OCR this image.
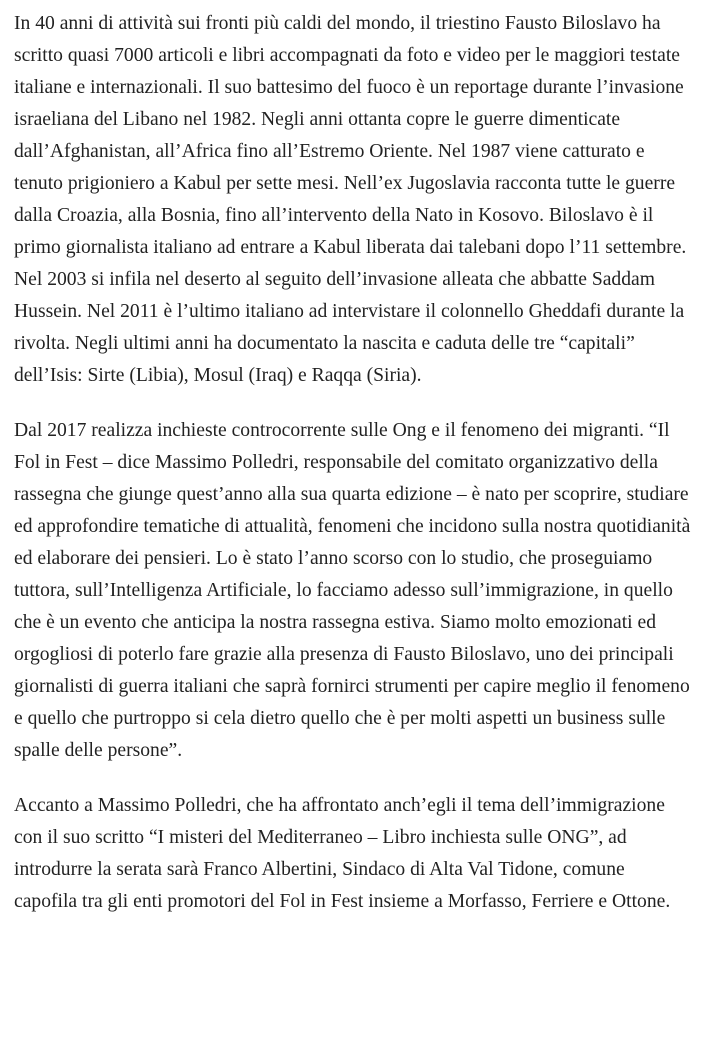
In 40 anni di attività sui fronti più caldi del mondo, il triestino Fausto Biloslavo ha scritto quasi 7000 articoli e libri accompagnati da foto e video per le maggiori testate italiane e internazionali. Il suo battesimo del fuoco è un reportage durante l’invasione israeliana del Libano nel 1982. Negli anni ottanta copre le guerre dimenticate dall’Afghanistan, all’Africa fino all’Estremo Oriente. Nel 1987 viene catturato e tenuto prigioniero a Kabul per sette mesi. Nell’ex Jugoslavia racconta tutte le guerre dalla Croazia, alla Bosnia, fino all’intervento della Nato in Kosovo. Biloslavo è il primo giornalista italiano ad entrare a Kabul liberata dai talebani dopo l’11 settembre. Nel 2003 si infila nel deserto al seguito dell’invasione alleata che abbatte Saddam Hussein. Nel 2011 è l’ultimo italiano ad intervistare il colonnello Gheddafi durante la rivolta. Negli ultimi anni ha documentato la nascita e caduta delle tre “capitali” dell’Isis: Sirte (Libia), Mosul (Iraq) e Raqqa (Siria).

Dal 2017 realizza inchieste controcorrente sulle Ong e il fenomeno dei migranti. “Il Fol in Fest – dice Massimo Polledri, responsabile del comitato organizzativo della rassegna che giunge quest’anno alla sua quarta edizione – è nato per scoprire, studiare ed approfondire tematiche di attualità, fenomeni che incidono sulla nostra quotidianità ed elaborare dei pensieri. Lo è stato l’anno scorso con lo studio, che proseguiamo tuttora, sull’Intelligenza Artificiale, lo facciamo adesso sull’immigrazione, in quello che è un evento che anticipa la nostra rassegna estiva. Siamo molto emozionati ed orgogliosi di poterlo fare grazie alla presenza di Fausto Biloslavo, uno dei principali giornalisti di guerra italiani che saprà fornirci strumenti per capire meglio il fenomeno e quello che purtroppo si cela dietro quello che è per molti aspetti un business sulle spalle delle persone”.

Accanto a Massimo Polledri, che ha affrontato anch’egli il tema dell’immigrazione con il suo scritto “I misteri del Mediterraneo – Libro inchiesta sulle ONG”, ad introdurre la serata sarà Franco Albertini, Sindaco di Alta Val Tidone, comune capofila tra gli enti promotori del Fol in Fest insieme a Morfasso, Ferriere e Ottone.
